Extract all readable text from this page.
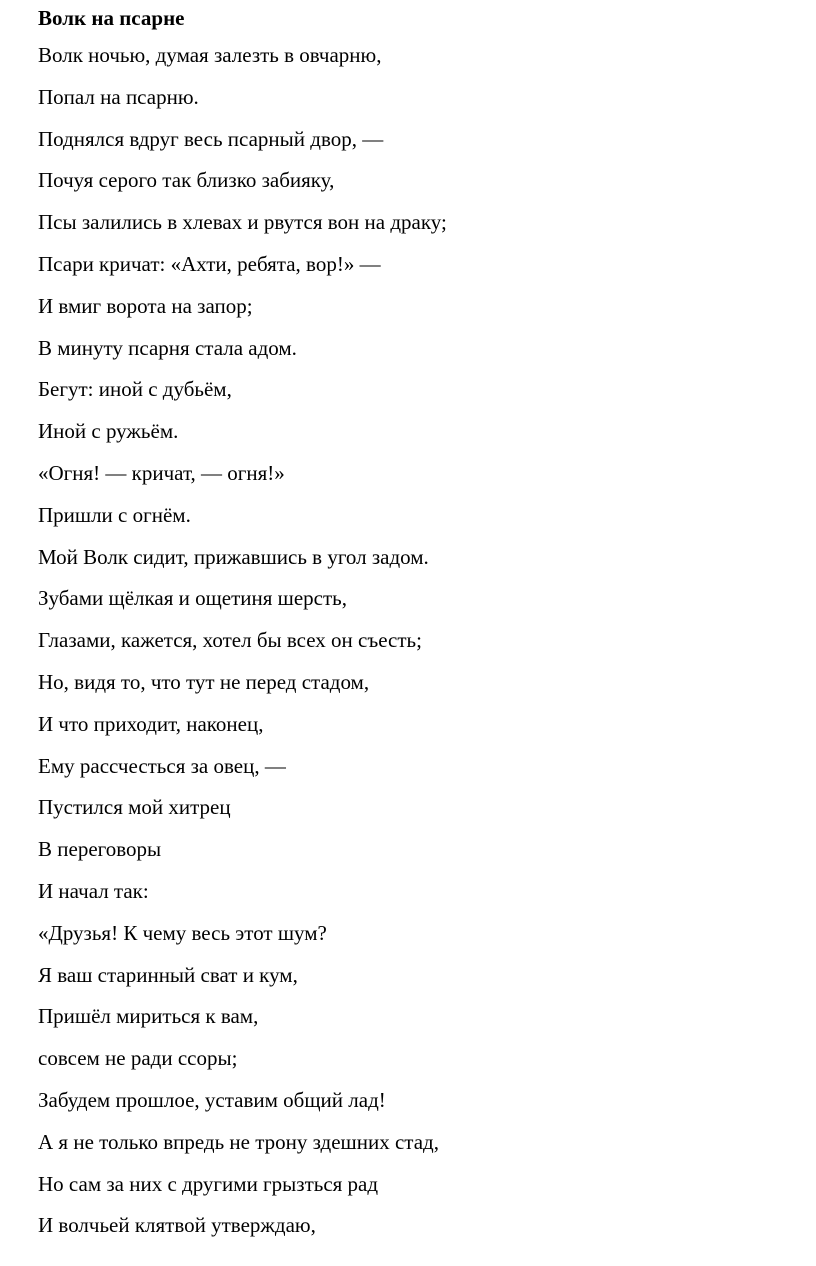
Волк на псарне
Волк ночью, думая залезть в овчарню,
Попал на псарню.
Поднялся вдруг весь псарный двор, —
Почуя серого так близко забияку,
Псы залились в хлевах и рвутся вон на драку;
Псари кричат: «Ахти, ребята, вор!» —
И вмиг ворота на запор;
В минуту псарня стала адом.
Бегут: иной с дубьём,
Иной с ружьём.
«Огня! — кричат, — огня!»
Пришли с огнём.
Мой Волк сидит, прижавшись в угол задом.
Зубами щёлкая и ощетиня шерсть,
Глазами, кажется, хотел бы всех он съесть;
Но, видя то, что тут не перед стадом,
И что приходит, наконец,
Ему рассчесться за овец, —
Пустился мой хитрец
В переговоры
И начал так:
«Друзья! К чему весь этот шум?
Я ваш старинный сват и кум,
Пришёл мириться к вам,
совсем не ради ссоры;
Забудем прошлое, уставим общий лад!
А я не только впредь не трону здешних стад,
Но сам за них с другими грызться рад
И волчьей клятвой утверждаю,
